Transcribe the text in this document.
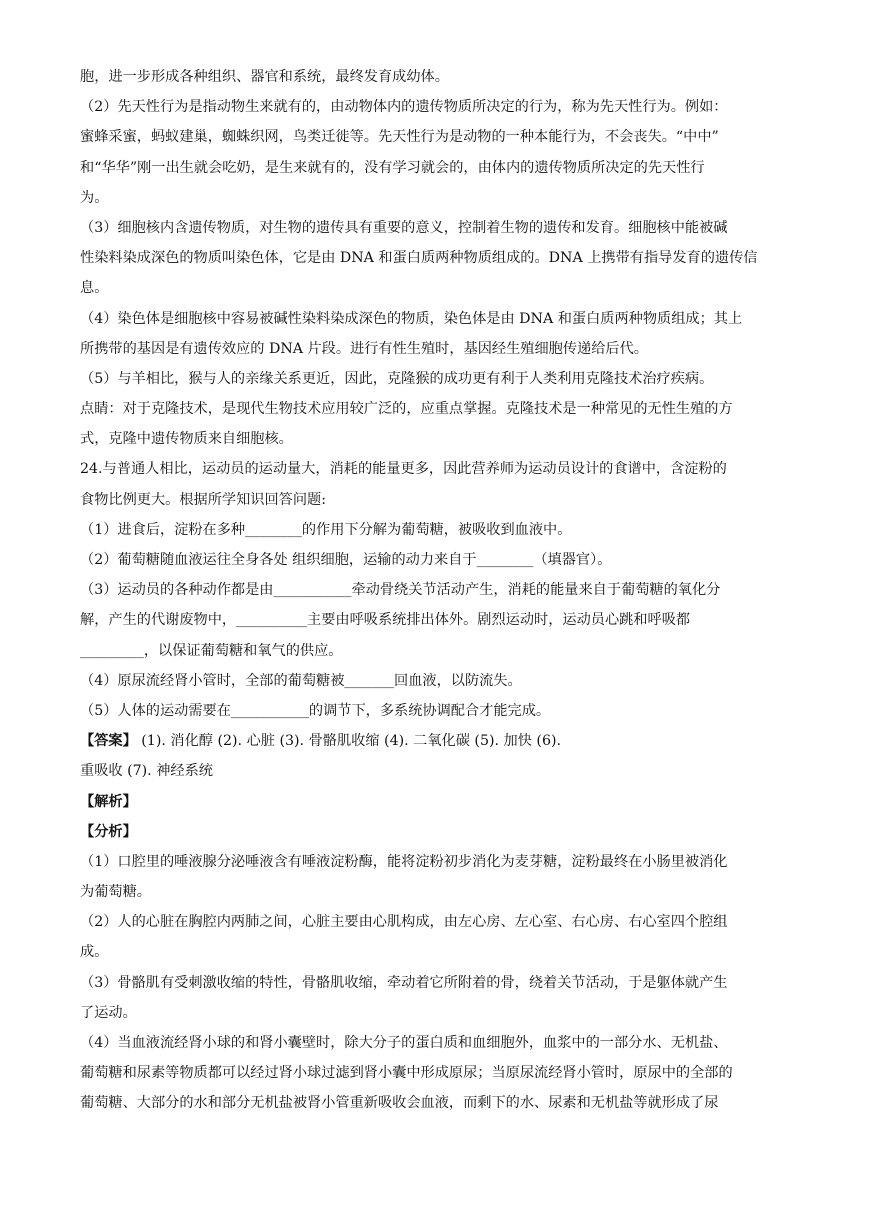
胞，进一步形成各种组织、器官和系统，最终发育成幼体。
（2）先天性行为是指动物生来就有的，由动物体内的遗传物质所决定的行为，称为先天性行为。例如：
蜜蜂采蜜，蚂蚁建巢，蜘蛛织网，鸟类迁徙等。先天性行为是动物的一种本能行为，不会丧失。“中中”
和“华华”刚一出生就会吃奶，是生来就有的，没有学习就会的，由体内的遗传物质所决定的先天性行
为。
（3）细胞核内含遗传物质，对生物的遗传具有重要的意义，控制着生物的遗传和发育。细胞核中能被碱
性染料染成深色的物质叫染色体，它是由 DNA 和蛋白质两种物质组成的。DNA 上携带有指导发育的遗传信
息。
（4）染色体是细胞核中容易被碱性染料染成深色的物质，染色体是由 DNA 和蛋白质两种物质组成；其上
所携带的基因是有遗传效应的 DNA 片段。进行有性生殖时，基因经生殖细胞传递给后代。
（5）与羊相比，猴与人的亲缘关系更近，因此，克隆猴的成功更有利于人类利用克隆技术治疗疾病。
点睛：对于克隆技术，是现代生物技术应用较广泛的，应重点掌握。克隆技术是一种常见的无性生殖的方
式，克隆中遗传物质来自细胞核。
24.与普通人相比，运动员的运动量大，消耗的能量更多，因此营养师为运动员设计的食谱中，含淀粉的
食物比例更大。根据所学知识回答问题:
（1）进食后，淀粉在多种________的作用下分解为葡萄糖，被吸收到血液中。
（2）葡萄糖随血液运往全身各处 组织细胞，运输的动力来自于________（填器官）。
（3）运动员的各种动作都是由___________牵动骨绕关节活动产生，消耗的能量来自于葡萄糖的氧化分
解，产生的代谢废物中，__________主要由呼吸系统排出体外。剧烈运动时，运动员心跳和呼吸都
_________，以保证葡萄糖和氧气的供应。
（4）原尿流经肾小管时，全部的葡萄糖被_______回血液，以防流失。
（5）人体的运动需要在___________的调节下，多系统协调配合才能完成。
【答案】 (1). 消化醇 (2). 心脏 (3). 骨骼肌收缩 (4). 二氧化碳 (5). 加快 (6).
重吸收 (7). 神经系统
【解析】
【分析】
（1）口腔里的唾液腺分泌唾液含有唾液淀粉酶，能将淀粉初步消化为麦芽糖，淀粉最终在小肠里被消化
为葡萄糖。
（2）人的心脏在胸腔内两肺之间，心脏主要由心肌构成，由左心房、左心室、右心房、右心室四个腔组
成。
（3）骨骼肌有受刺激收缩的特性，骨骼肌收缩，牵动着它所附着的骨，绕着关节活动，于是躯体就产生
了运动。
（4）当血液流经肾小球的和肾小囊壁时，除大分子的蛋白质和血细胞外，血浆中的一部分水、无机盐、
葡萄糖和尿素等物质都可以经过肾小球过滤到肾小囊中形成原尿；当原尿流经肾小管时，原尿中的全部的
葡萄糖、大部分的水和部分无机盐被肾小管重新吸收会血液，而剩下的水、尿素和无机盐等就形成了尿
